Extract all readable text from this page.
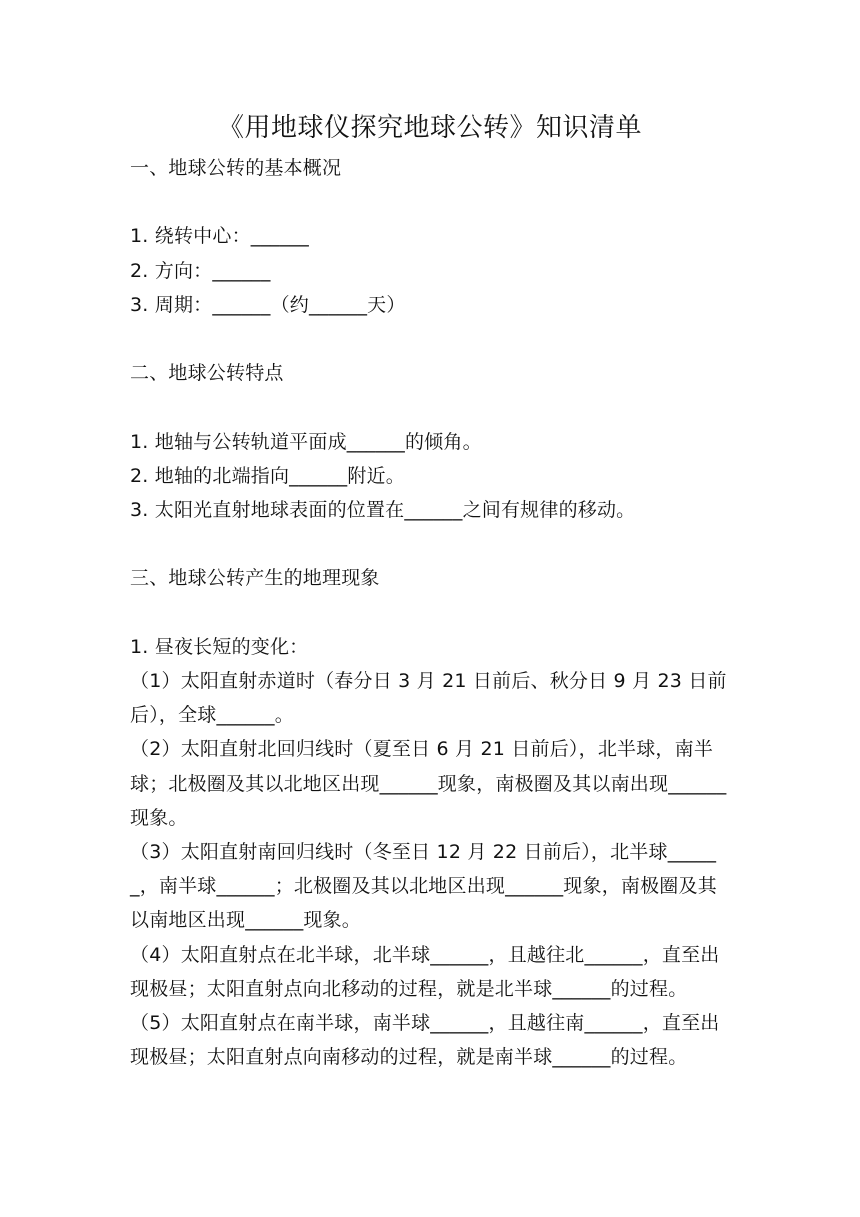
《用地球仪探究地球公转》知识清单

一、地球公转的基本概况

1. 绕转中心：______

2. 方向：______

3. 周期：______（约______天）

二、地球公转特点

1. 地轴与公转轨道平面成______的倾角。

2. 地轴的北端指向______附近。

3. 太阳光直射地球表面的位置在______之间有规律的移动。

三、地球公转产生的地理现象

1. 昼夜长短的变化：

（1）太阳直射赤道时（春分日 3 月 21 日前后、秋分日 9 月 23 日前后），全球______。

（2）太阳直射北回归线时（夏至日 6 月 21 日前后），北半球，南半球；北极圈及其以北地区出现______现象，南极圈及其以南出现______现象。

（3）太阳直射南回归线时（冬至日 12 月 22 日前后），北半球______，南半球______；北极圈及其以北地区出现______现象，南极圈及其以南地区出现______现象。

（4）太阳直射点在北半球，北半球______，且越往北______，直至出现极昼；太阳直射点向北移动的过程，就是北半球______的过程。

（5）太阳直射点在南半球，南半球______，且越往南______，直至出现极昼；太阳直射点向南移动的过程，就是南半球______的过程。
